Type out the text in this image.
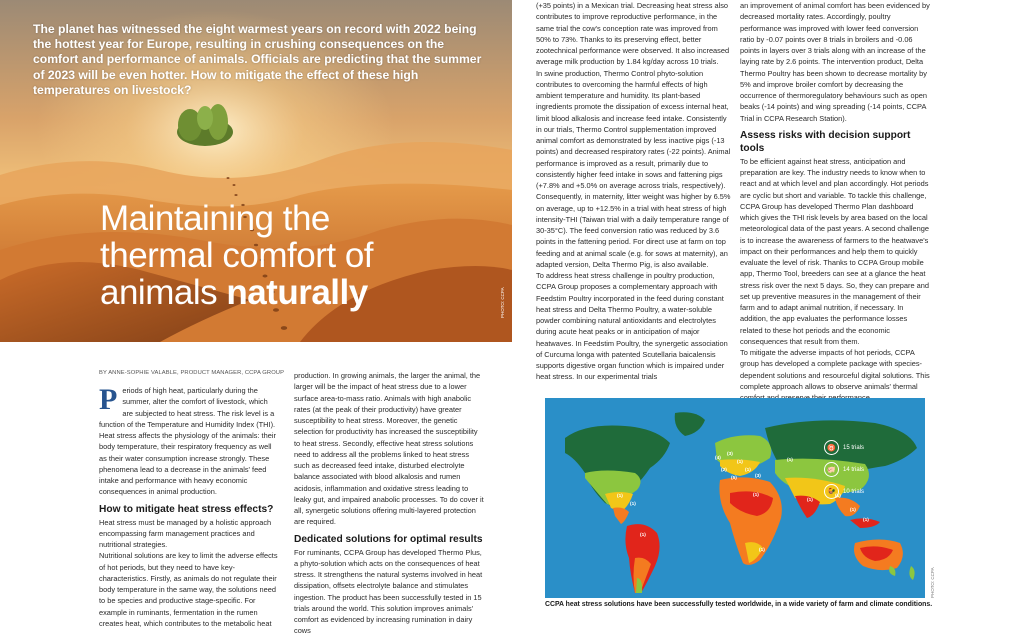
The planet has witnessed the eight warmest years on record with 2022 being the hottest year for Europe, resulting in crushing consequences on the comfort and performance of animals. Officials are predicting that the summer of 2023 will be even hotter. How to mitigate the effect of these high temperatures on livestock?
Maintaining the
thermal comfort of
animals naturally	PHOTO: CCPA
BY ANNE-SOPHIE VALABLE, PRODUCT MANAGER, CCPA GROUP

Periods of high heat, particularly during the summer, alter the comfort of livestock, which are subjected to heat stress. The risk level is a function of the Temperature and Humidity Index (THI). Heat stress affects the physiology of the animals: their body temperature, their respiratory frequency as well as their water consumption increase strongly. These phenomena lead to a decrease in the animals' feed intake and performance with heavy economic consequences in animal production.

How to mitigate heat stress effects?

Heat stress must be managed by a holistic approach encompassing farm management practices and nutritional strategies.

Nutritional solutions are key to limit the adverse effects of hot periods, but they need to have key-characteristics. Firstly, as animals do not regulate their body temperature in the same way, the solutions need to be species and productive stage-specific. For example in ruminants, fermentation in the rumen creates heat, which contributes to the metabolic heat

production. In growing animals, the larger the animal, the larger will be the impact of heat stress due to a lower surface area-to-mass ratio. Animals with high anabolic rates (at the peak of their productivity) have greater susceptibility to heat stress. Moreover, the genetic selection for productivity has increased the susceptibility to heat stress. Secondly, effective heat stress solutions need to address all the problems linked to heat stress such as decreased feed intake, disturbed electrolyte balance associated with blood alkalosis and rumen acidosis, inflammation and oxidative stress leading to leaky gut, and impaired anabolic processes. To do cover it all, synergetic solutions offering multi-layered protection are required.

Dedicated solutions for optimal results

For ruminants, CCPA Group has developed Thermo Plus, a phyto-solution which acts on the consequences of heat stress. It strengthens the natural systems involved in heat dissipation, offsets electrolyte balance and stimulates ingestion. The product has been successfully tested in 15 trials around the world. This solution improves animals' comfort as evidenced by increasing rumination in dairy cows

(+35 points) in a Mexican trial. Decreasing heat stress also contributes to improve reproductive performance, in the same trial the cow's conception rate was improved from 50% to 73%. Thanks to its preserving effect, better zootechnical performance were observed. It also increased average milk production by 1.84 kg/day across 10 trials.

In swine production, Thermo Control phyto-solution contributes to overcoming the harmful effects of high ambient temperature and humidity. Its plant-based ingredients promote the dissipation of excess internal heat, limit blood alkalosis and increase feed intake. Consistently in our trials, Thermo Control supplementation improved animal comfort as demonstrated by less inactive pigs (-13 points) and decreased respiratory rates (-22 points). Animal performance is improved as a result, primarily due to consistently higher feed intake in sows and fattening pigs (+7.8% and +5.0% on average across trials, respectively). Consequently, in maternity, litter weight was higher by 6.5% on average, up to +12.5% in a trial with heat stress of high intensity-THI (Taiwan trial with a daily temperature range of 30-35°C). The feed conversion ratio was reduced by 3.6 points in the fattening period. For direct use at farm on top feeding and at animal scale (e.g. for sows at maternity), an adapted version, Delta Thermo Pig, is also available.

To address heat stress challenge in poultry production, CCPA Group proposes a complementary approach with Feedstim Poultry incorporated in the feed during constant heat stress and Delta Thermo Poultry, a water-soluble powder combining natural antioxidants and electrolytes during acute heat peaks or in anticipation of major heatwaves. In Feedstim Poultry, the synergetic association of Curcuma longa with patented Scutellaria baicalensis supports digestive organ function which is impaired under heat stress. In our experimental trials

an improvement of animal comfort has been evidenced by decreased mortality rates. Accordingly, poultry performance was improved with lower feed conversion ratio by -0.07 points over 8 trials in broilers and -0.06 points in layers over 3 trials along with an increase of the laying rate by 2.6 points. The intervention product, Delta Thermo Poultry has been shown to decrease mortality by 5% and improve broiler comfort by decreasing the occurrence of thermoregulatory behaviours such as open beaks (-14 points) and wing spreading (-14 points, CCPA Trial in CCPA Research Station).

Assess risks with decision support tools

To be efficient against heat stress, anticipation and preparation are key. The industry needs to know when to react and at which level and plan accordingly. Hot periods are cyclic but short and variable. To tackle this challenge, CCPA Group has developed Thermo Plan dashboard which gives the THI risk levels by area based on the local meteorological data of the past years. A second challenge is to increase the awareness of farmers to the heatwave's impact on their performances and help them to quickly evaluate the level of risk. Thanks to CCPA Group mobile app, Thermo Tool, breeders can see at a glance the heat stress risk over the next 5 days. So, they can prepare and set up preventive measures in the management of their farm and to adapt animal nutrition, if necessary. In addition, the app evaluates the performance losses related to these hot periods and the economic consequences that result from them.

To mitigate the adverse impacts of hot periods, CCPA group has developed a complete package with species-dependent solutions and resourceful digital solutions. This complete approach allows to observe animals' thermal

(1)
(1)
(1)
(4)
(3)
(1)
(2)	(1)
(5)	(3)
(1)
(1)
(1)
(1)
(1)
(1)
(1)
♉	15 trials
🐖	14 trials
🐓	10 trials
PHOTO: CCPA
CCPA heat stress solutions have been successfully tested worldwide, in a wide variety of farm and climate conditions.
